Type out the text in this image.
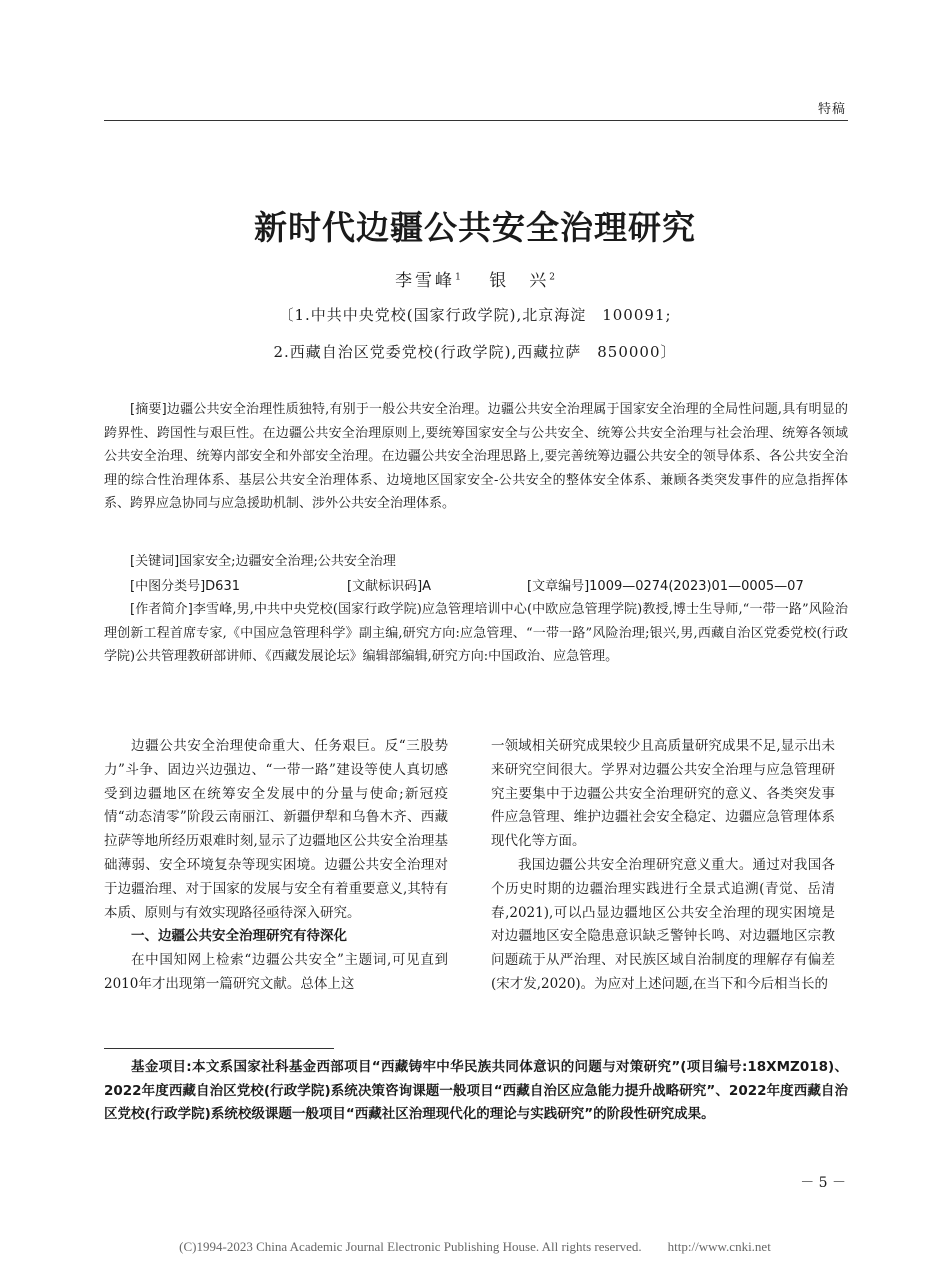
特稿
新时代边疆公共安全治理研究
李雪峰$^1$ 　 银　兴$^2$
〔1.中共中央党校(国家行政学院),北京海淀　100091;
2.西藏自治区党委党校(行政学院),西藏拉萨　850000〕
[摘要]边疆公共安全治理性质独特,有别于一般公共安全治理。边疆公共安全治理属于国家安全治理的全局性问题,具有明显的跨界性、跨国性与艰巨性。在边疆公共安全治理原则上,要统筹国家安全与公共安全、统筹公共安全治理与社会治理、统筹各领域公共安全治理、统筹内部安全和外部安全治理。在边疆公共安全治理思路上,要完善统筹边疆公共安全的领导体系、各公共安全治理的综合性治理体系、基层公共安全治理体系、边境地区国家安全-公共安全的整体安全体系、兼顾各类突发事件的应急指挥体系、跨界应急协同与应急援助机制、涉外公共安全治理体系。
[关键词]国家安全;边疆安全治理;公共安全治理
[中图分类号]D631	[文献标识码]A	[文章编号]1009—0274(2023)01—0005—07
[作者简介]李雪峰,男,中共中央党校(国家行政学院)应急管理培训中心(中欧应急管理学院)教授,博士生导师,“一带一路”风险治理创新工程首席专家,《中国应急管理科学》副主编,研究方向:应急管理、“一带一路”风险治理;银兴,男,西藏自治区党委党校(行政学院)公共管理教研部讲师、《西藏发展论坛》编辑部编辑,研究方向:中国政治、应急管理。

边疆公共安全治理使命重大、任务艰巨。反“三股势力”斗争、固边兴边强边、“一带一路”建设等使人真切感受到边疆地区在统筹安全发展中的分量与使命;新冠疫情“动态清零”阶段云南丽江、新疆伊犁和乌鲁木齐、西藏拉萨等地所经历艰难时刻,显示了边疆地区公共安全治理基础薄弱、安全环境复杂等现实困境。边疆公共安全治理对于边疆治理、对于国家的发展与安全有着重要意义,其特有本质、原则与有效实现路径亟待深入研究。

一、边疆公共安全治理研究有待深化

在中国知网上检索“边疆公共安全”主题词,可见直到2010年才出现第一篇研究文献。总体上这

一领域相关研究成果较少且高质量研究成果不足,显示出未来研究空间很大。学界对边疆公共安全治理与应急管理研究主要集中于边疆公共安全治理研究的意义、各类突发事件应急管理、维护边疆社会安全稳定、边疆应急管理体系现代化等方面。

我国边疆公共安全治理研究意义重大。通过对我国各个历史时期的边疆治理实践进行全景式追溯(青觉、岳清春,2021),可以凸显边疆地区公共安全治理的现实困境是对边疆地区安全隐患意识缺乏警钟长鸣、对边疆地区宗教问题疏于从严治理、对民族区域自治制度的理解存有偏差(宋才发,2020)。为应对上述问题,在当下和今后相当长的

基金项目:本文系国家社科基金西部项目“西藏铸牢中华民族共同体意识的问题与对策研究”(项目编号:18XMZ018)、2022年度西藏自治区党校(行政学院)系统决策咨询课题一般项目“西藏自治区应急能力提升战略研究”、2022年度西藏自治区党校(行政学院)系统校级课题一般项目“西藏社区治理现代化的理论与实践研究”的阶段性研究成果。
－ 5 －
(C)1994-2023 China Academic Journal Electronic Publishing House. All rights reserved.　　http://www.cnki.net
